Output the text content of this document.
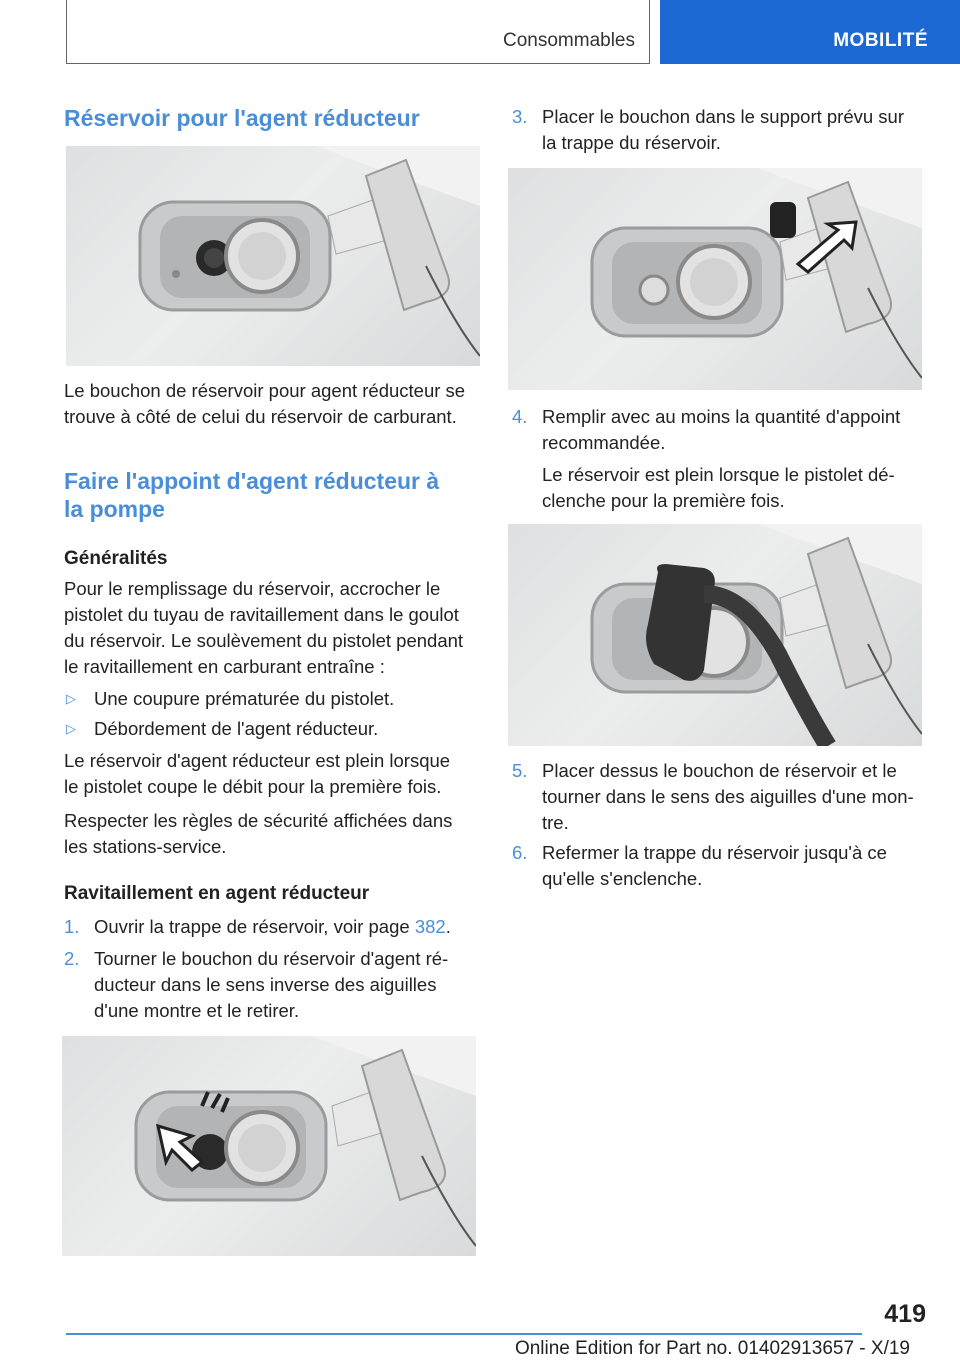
Consommables	MOBILITÉ
Réservoir pour l'agent réducteur
Le bouchon de réservoir pour agent réducteur se
trouve à côté de celui du réservoir de carburant.
Faire l'appoint d'agent réducteur à
la pompe
Généralités
Pour le remplissage du réservoir, accrocher le
pistolet du tuyau de ravitaillement dans le goulot
du réservoir. Le soulèvement du pistolet pendant
le ravitaillement en carburant entraîne :
▷ Une coupure prématurée du pistolet.
▷ Débordement de l'agent réducteur.
Le réservoir d'agent réducteur est plein lorsque
le pistolet coupe le débit pour la première fois.
Respecter les règles de sécurité affichées dans
les stations-service.
Ravitaillement en agent réducteur
1. Ouvrir la trappe de réservoir, voir page 382.
2. Tourner le bouchon du réservoir d'agent ré-
ducteur dans le sens inverse des aiguilles
d'une montre et le retirer.
3. Placer le bouchon dans le support prévu sur
la trappe du réservoir.
4. Remplir avec au moins la quantité d'appoint
recommandée.
Le réservoir est plein lorsque le pistolet dé-
clenche pour la première fois.
5. Placer dessus le bouchon de réservoir et le
tourner dans le sens des aiguilles d'une mon-
tre.
6. Refermer la trappe du réservoir jusqu'à ce
qu'elle s'enclenche.
419
Online Edition for Part no. 01402913657 - X/19
